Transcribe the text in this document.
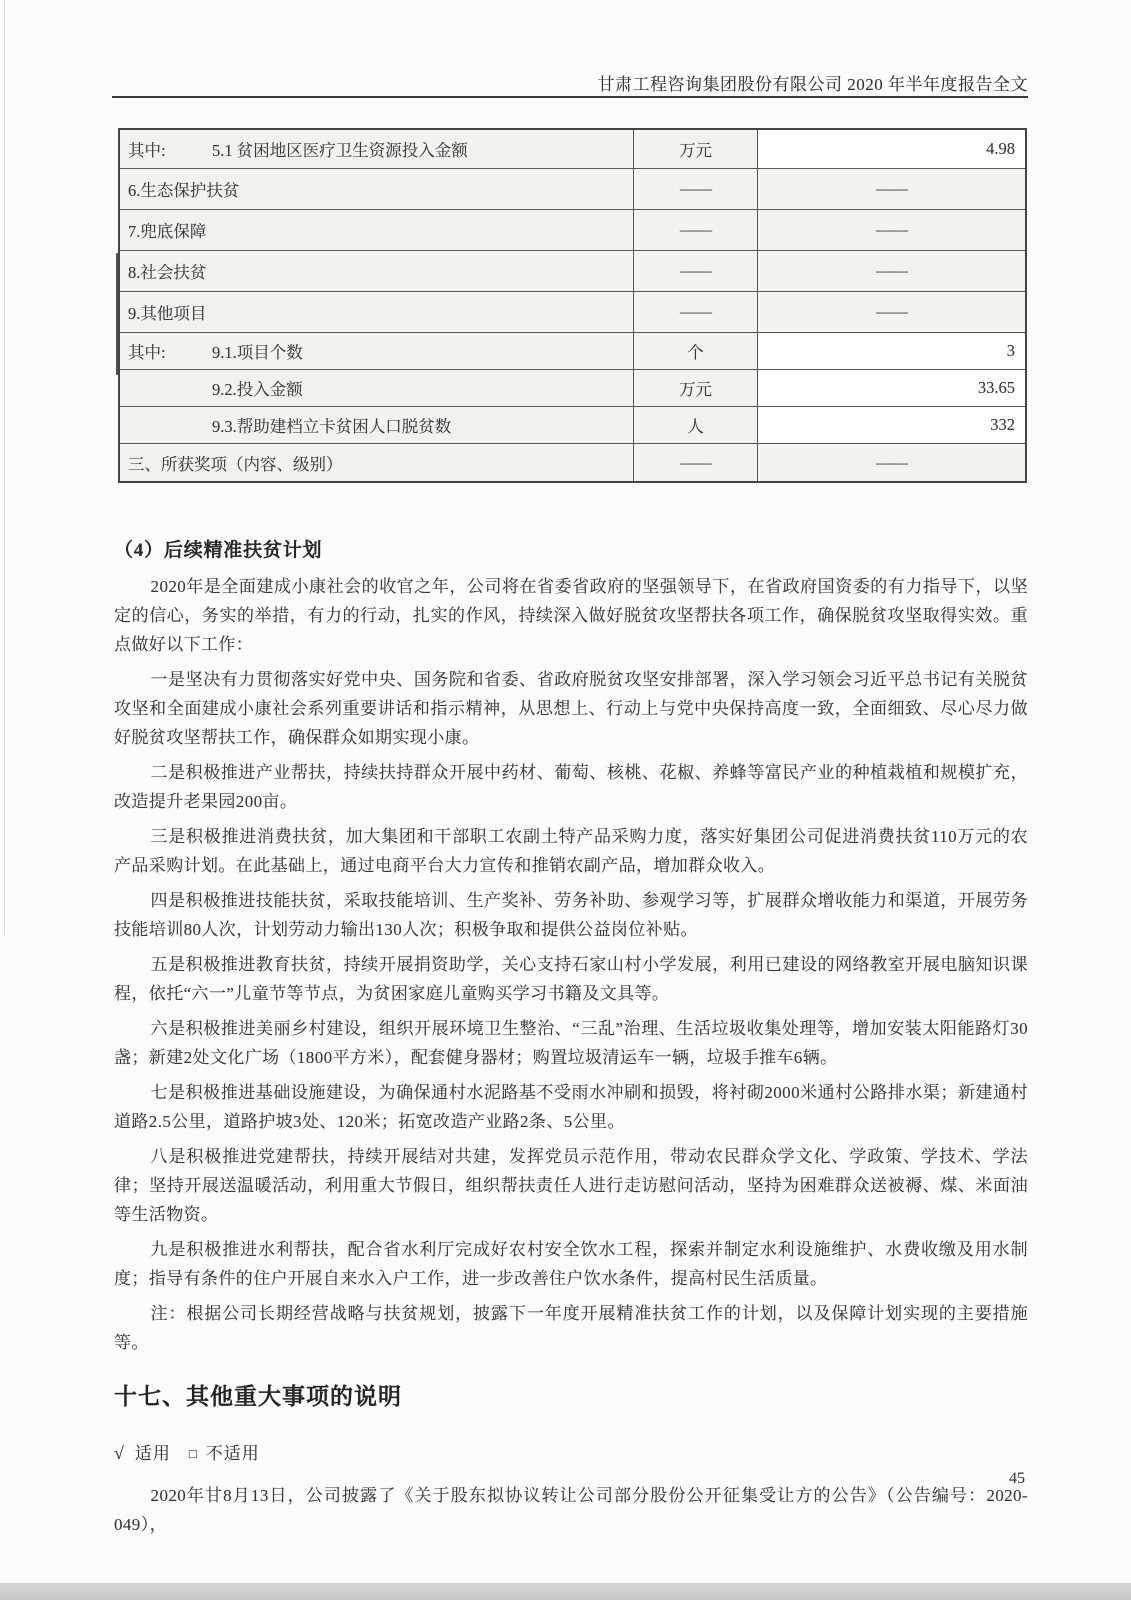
甘肃工程咨询集团股份有限公司 2020 年半年度报告全文
其中:	5.1 贫困地区医疗卫生资源投入金额	万元	4.98
6.生态保护扶贫	——	——
7.兜底保障	——	——
8.社会扶贫	——	——
9.其他项目	——	——
其中:	9.1.项目个数	个	3
9.2.投入金额	万元	33.65
9.3.帮助建档立卡贫困人口脱贫数	人	332
三、所获奖项（内容、级别）	——	——
（4）后续精准扶贫计划

2020年是全面建成小康社会的收官之年，公司将在省委省政府的坚强领导下，在省政府国资委的有力指导下，以坚定的信心，务实的举措，有力的行动，扎实的作风，持续深入做好脱贫攻坚帮扶各项工作，确保脱贫攻坚取得实效。重点做好以下工作：

一是坚决有力贯彻落实好党中央、国务院和省委、省政府脱贫攻坚安排部署，深入学习领会习近平总书记有关脱贫攻坚和全面建成小康社会系列重要讲话和指示精神，从思想上、行动上与党中央保持高度一致，全面细致、尽心尽力做好脱贫攻坚帮扶工作，确保群众如期实现小康。

二是积极推进产业帮扶，持续扶持群众开展中药材、葡萄、核桃、花椒、养蜂等富民产业的种植栽植和规模扩充，改造提升老果园200亩。

三是积极推进消费扶贫，加大集团和干部职工农副土特产品采购力度，落实好集团公司促进消费扶贫110万元的农产品采购计划。在此基础上，通过电商平台大力宣传和推销农副产品，增加群众收入。

四是积极推进技能扶贫，采取技能培训、生产奖补、劳务补助、参观学习等，扩展群众增收能力和渠道，开展劳务技能培训80人次，计划劳动力输出130人次；积极争取和提供公益岗位补贴。

五是积极推进教育扶贫，持续开展捐资助学，关心支持石家山村小学发展，利用已建设的网络教室开展电脑知识课程，依托“六一”儿童节等节点，为贫困家庭儿童购买学习书籍及文具等。

六是积极推进美丽乡村建设，组织开展环境卫生整治、“三乱”治理、生活垃圾收集处理等，增加安装太阳能路灯30盏；新建2处文化广场（1800平方米），配套健身器材；购置垃圾清运车一辆，垃圾手推车6辆。

七是积极推进基础设施建设，为确保通村水泥路基不受雨水冲刷和损毁，将衬砌2000米通村公路排水渠；新建通村道路2.5公里，道路护坡3处、120米；拓宽改造产业路2条、5公里。

八是积极推进党建帮扶，持续开展结对共建，发挥党员示范作用，带动农民群众学文化、学政策、学技术、学法律；坚持开展送温暖活动，利用重大节假日，组织帮扶责任人进行走访慰问活动，坚持为困难群众送被褥、煤、米面油等生活物资。

九是积极推进水利帮扶，配合省水利厅完成好农村安全饮水工程，探索并制定水利设施维护、水费收缴及用水制度；指导有条件的住户开展自来水入户工作，进一步改善住户饮水条件，提高村民生活质量。

注：根据公司长期经营战略与扶贫规划，披露下一年度开展精准扶贫工作的计划，以及保障计划实现的主要措施等。

十七、其他重大事项的说明
√ 适用 □ 不适用

2020年甘8月13日，公司披露了《关于股东拟协议转让公司部分股份公开征集受让方的公告》（公告编号：2020-049），

45
